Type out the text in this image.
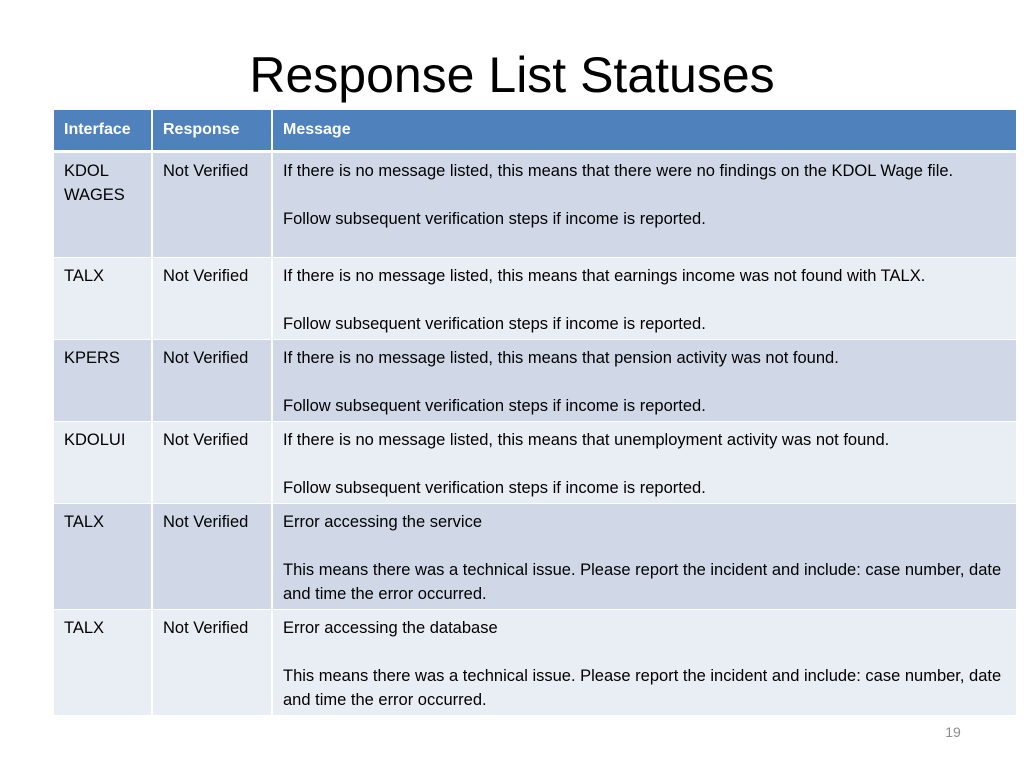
Response List Statuses
Interface	Response	Message
KDOL WAGES	Not Verified	If there is no message listed, this means that there were no findings on the KDOL Wage file.
Follow subsequent verification steps if income is reported.

TALX	Not Verified	If there is no message listed, this means that earnings income was not found with TALX.
Follow subsequent verification steps if income is reported.

KPERS	Not Verified	If there is no message listed, this means that pension activity was not found.
Follow subsequent verification steps if income is reported.

KDOLUI	Not Verified	If there is no message listed, this means that unemployment activity was not found.
Follow subsequent verification steps if income is reported.

TALX	Not Verified	Error accessing the service
This means there was a technical issue. Please report the incident and include: case number, date and time the error occurred.

TALX	Not Verified	Error accessing the database
This means there was a technical issue. Please report the incident and include: case number, date and time the error occurred.
19
